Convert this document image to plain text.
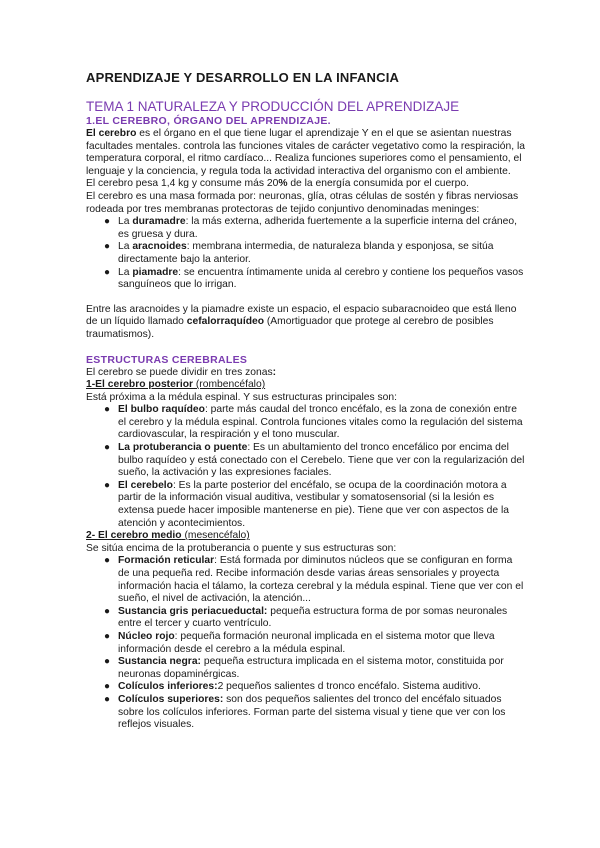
APRENDIZAJE Y DESARROLLO EN LA INFANCIA
TEMA 1 NATURALEZA Y PRODUCCIÓN DEL APRENDIZAJE
1.EL CEREBRO, ÓRGANO DEL APRENDIZAJE.

El cerebro es el órgano en el que tiene lugar el aprendizaje Y en el que se asientan nuestras facultades mentales. controla las funciones vitales de carácter vegetativo como la respiración, la temperatura corporal, el ritmo cardíaco... Realiza funciones superiores como el pensamiento, el lenguaje y la conciencia, y regula toda la actividad interactiva del organismo con el ambiente.

El cerebro pesa 1,4 kg y consume más 20% de la energía consumida por el cuerpo.

El cerebro es una masa formada por: neuronas, glía, otras células de sostén y fibras nerviosas rodeada por tres membranas protectoras de tejido conjuntivo denominadas meninges:

● La duramadre: la más externa, adherida fuertemente a la superficie interna del cráneo, es gruesa y dura.
● La aracnoides: membrana intermedia, de naturaleza blanda y esponjosa, se sitúa directamente bajo la anterior.
● La piamadre: se encuentra íntimamente unida al cerebro y contiene los pequeños vasos sanguíneos que lo irrigan.

Entre las aracnoides y la piamadre existe un espacio, el espacio subaracnoideo que está lleno de un líquido llamado cefalorraquídeo (Amortiguador que protege al cerebro de posibles traumatismos).

ESTRUCTURAS CEREBRALES

El cerebro se puede dividir en tres zonas:

1-El cerebro posterior (rombencéfalo)

Está próxima a la médula espinal. Y sus estructuras principales son:

● El bulbo raquídeo: parte más caudal del tronco encéfalo, es la zona de conexión entre el cerebro y la médula espinal. Controla funciones vitales como la regulación del sistema cardiovascular, la respiración y el tono muscular.
● La protuberancia o puente: Es un abultamiento del tronco encefálico por encima del bulbo raquídeo y está conectado con el Cerebelo. Tiene que ver con la regularización del sueño, la activación y las expresiones faciales.
● El cerebelo: Es la parte posterior del encéfalo, se ocupa de la coordinación motora a partir de la información visual auditiva, vestibular y somatosensorial (si la lesión es extensa puede hacer imposible mantenerse en pie). Tiene que ver con aspectos de la atención y acontecimientos.

2- El cerebro medio (mesencéfalo)

Se sitúa encima de la protuberancia o puente y sus estructuras son:

● Formación reticular: Está formada por diminutos núcleos que se configuran en forma de una pequeña red. Recibe información desde varias áreas sensoriales y proyecta información hacia el tálamo, la corteza cerebral y la médula espinal. Tiene que ver con el sueño, el nivel de activación, la atención...
● Sustancia gris periacueductal: pequeña estructura forma de por somas neuronales entre el tercer y cuarto ventrículo.
● Núcleo rojo: pequeña formación neuronal implicada en el sistema motor que lleva información desde el cerebro a la médula espinal.
● Sustancia negra: pequeña estructura implicada en el sistema motor, constituida por neuronas dopaminérgicas.
● Colículos inferiores:2 pequeños salientes d tronco encéfalo. Sistema auditivo.
● Colículos superiores: son dos pequeños salientes del tronco del encéfalo situados sobre los colículos inferiores. Forman parte del sistema visual y tiene que ver con los reflejos visuales.
